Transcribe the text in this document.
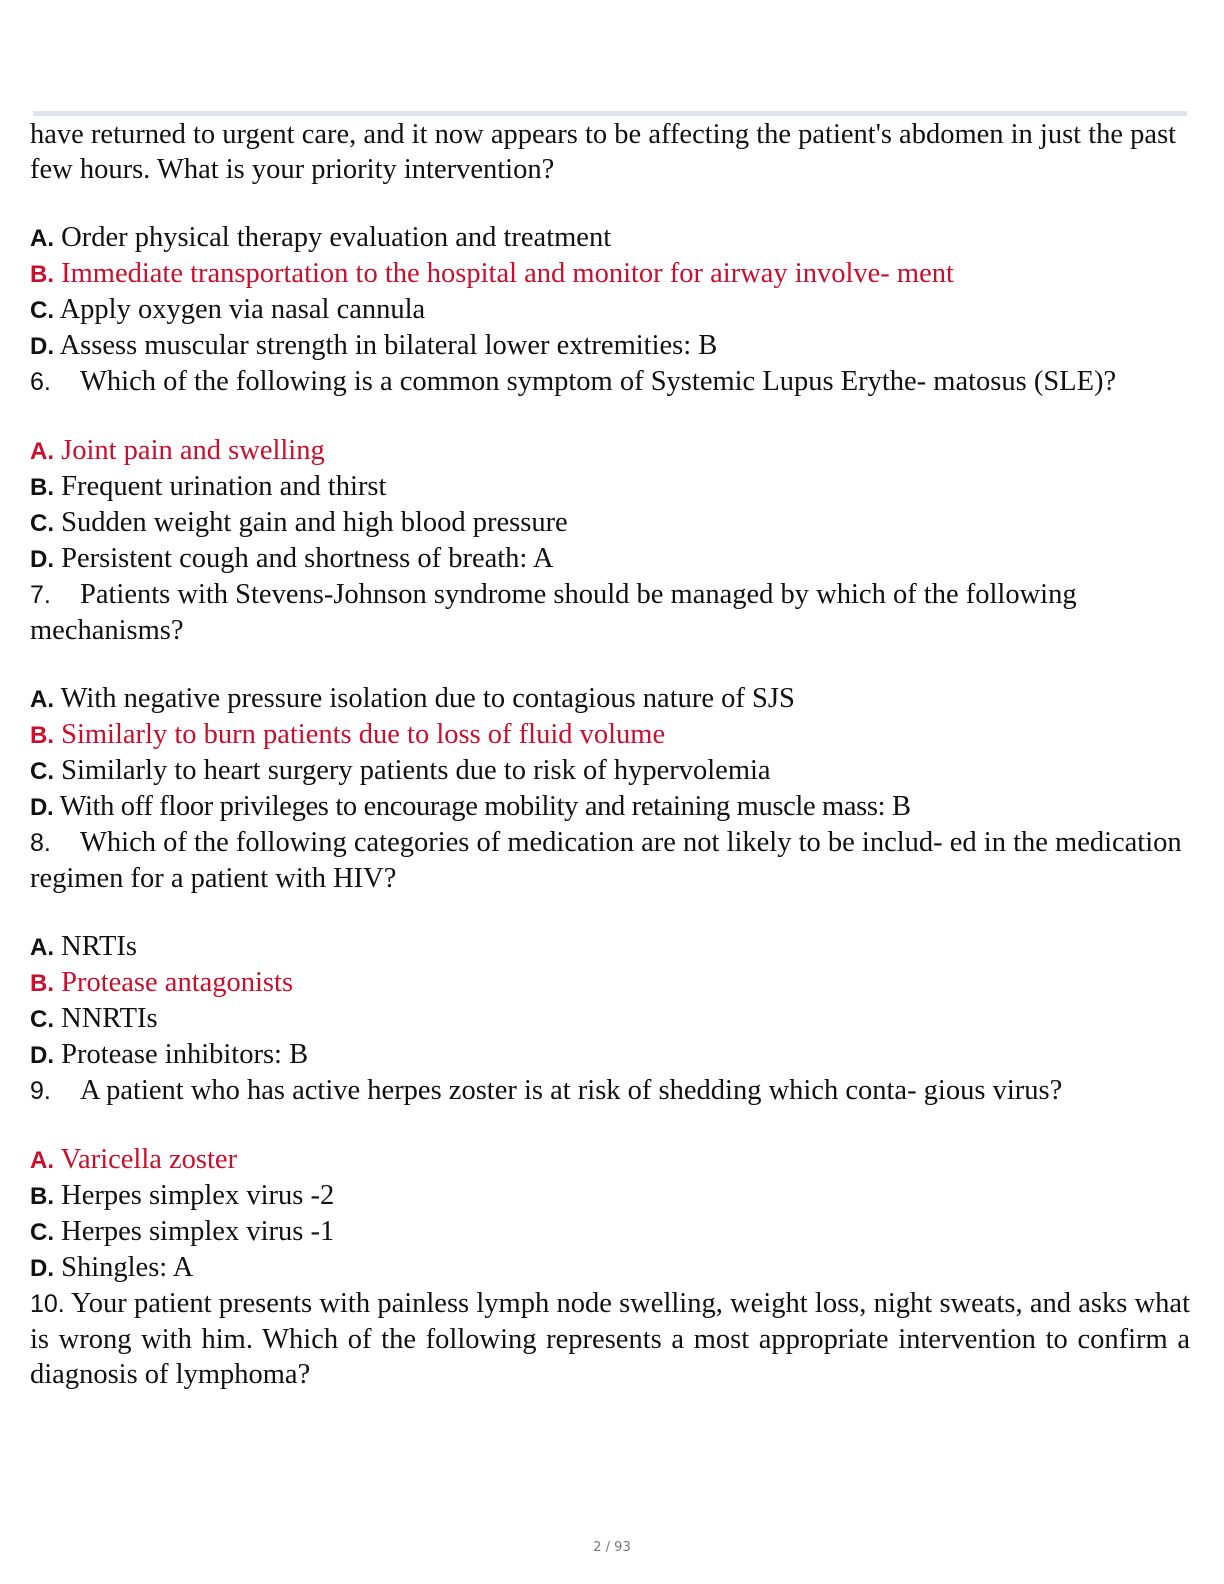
have returned to urgent care, and it now appears to be affecting the patient's abdomen in just the past few hours. What is your priority intervention?

A. Order physical therapy evaluation and treatment

B. Immediate transportation to the hospital and monitor for airway involve- ment

C. Apply oxygen via nasal cannula

D. Assess muscular strength in bilateral lower extremities: B

6. Which of the following is a common symptom of Systemic Lupus Erythe- matosus (SLE)?

A. Joint pain and swelling

B. Frequent urination and thirst

C. Sudden weight gain and high blood pressure

D. Persistent cough and shortness of breath: A

7. Patients with Stevens-Johnson syndrome should be managed by which of the following mechanisms?

A. With negative pressure isolation due to contagious nature of SJS

B. Similarly to burn patients due to loss of fluid volume

C. Similarly to heart surgery patients due to risk of hypervolemia

D. With off floor privileges to encourage mobility and retaining muscle mass: B

8. Which of the following categories of medication are not likely to be includ- ed in the medication regimen for a patient with HIV?

A. NRTIs

B. Protease antagonists

C. NNRTIs

D. Protease inhibitors: B

9. A patient who has active herpes zoster is at risk of shedding which conta- gious virus?

A. Varicella zoster

B. Herpes simplex virus -2

C. Herpes simplex virus -1

D. Shingles: A

10. Your patient presents with painless lymph node swelling, weight loss, night sweats, and asks what is wrong with him. Which of the following represents a most appropriate intervention to confirm a diagnosis of lymphoma?

2 / 93
